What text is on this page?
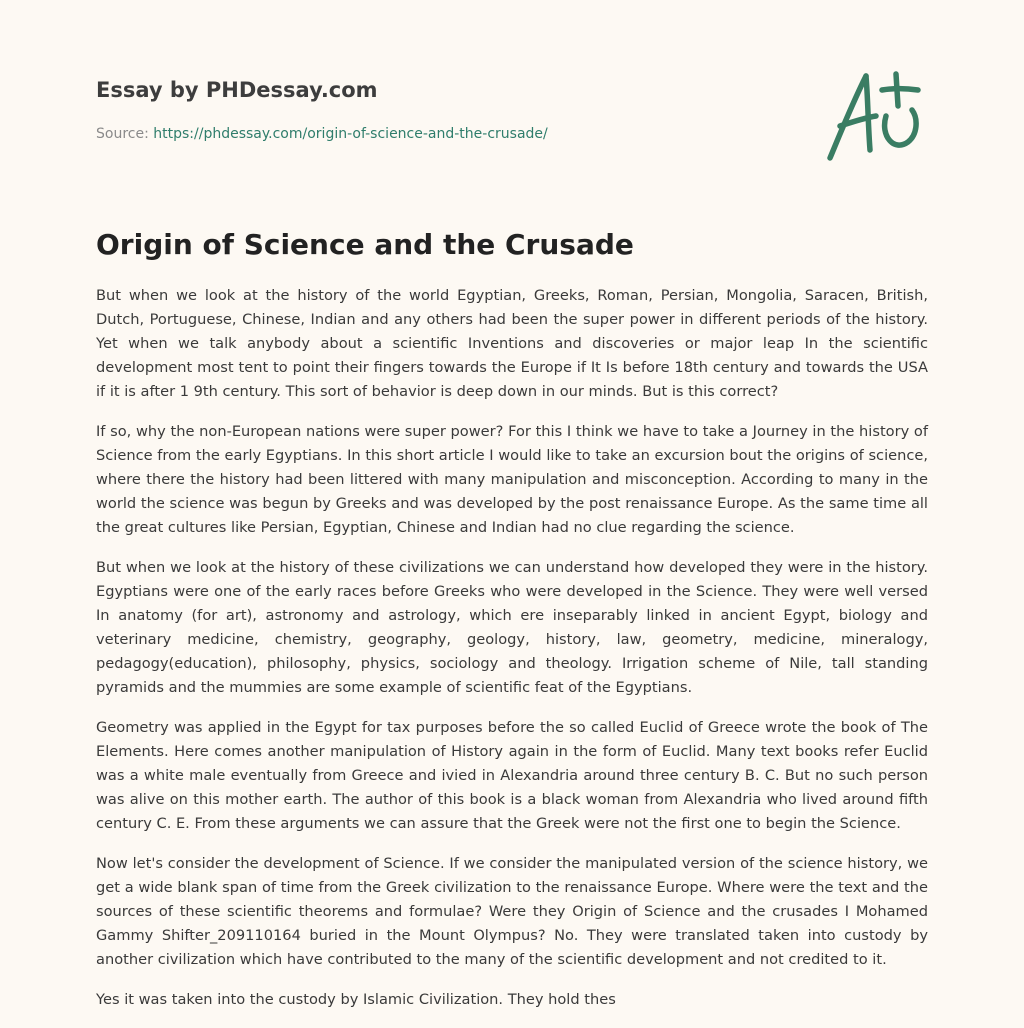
Essay by PHDessay.com

Source: https://phdessay.com/origin-of-science-and-the-crusade/
Origin of Science and the Crusade

But when we look at the history of the world Egyptian, Greeks, Roman, Persian, Mongolia, Saracen, British, Dutch, Portuguese, Chinese, Indian and any others had been the super power in different periods of the history. Yet when we talk anybody about a scientific Inventions and discoveries or major leap In the scientific development most tent to point their fingers towards the Europe if It Is before 18th century and towards the USA if it is after 1 9th century. This sort of behavior is deep down in our minds. But is this correct?

If so, why the non-European nations were super power? For this I think we have to take a Journey in the history of Science from the early Egyptians. In this short article I would like to take an excursion bout the origins of science, where there the history had been littered with many manipulation and misconception. According to many in the world the science was begun by Greeks and was developed by the post renaissance Europe. As the same time all the great cultures like Persian, Egyptian, Chinese and Indian had no clue regarding the science.

But when we look at the history of these civilizations we can understand how developed they were in the history. Egyptians were one of the early races before Greeks who were developed in the Science. They were well versed In anatomy (for art), astronomy and astrology, which ere inseparably linked in ancient Egypt, biology and veterinary medicine, chemistry, geography, geology, history, law, geometry, medicine, mineralogy, pedagogy(education), philosophy, physics, sociology and theology. Irrigation scheme of Nile, tall standing pyramids and the mummies are some example of scientific feat of the Egyptians.

Geometry was applied in the Egypt for tax purposes before the so called Euclid of Greece wrote the book of The Elements. Here comes another manipulation of History again in the form of Euclid. Many text books refer Euclid was a white male eventually from Greece and ivied in Alexandria around three century B. C. But no such person was alive on this mother earth. The author of this book is a black woman from Alexandria who lived around fifth century C. E. From these arguments we can assure that the Greek were not the first one to begin the Science.

Now let's consider the development of Science. If we consider the manipulated version of the science history, we get a wide blank span of time from the Greek civilization to the renaissance Europe. Where were the text and the sources of these scientific theorems and formulae? Were they Origin of Science and the crusades I Mohamed Gammy Shifter_209110164 buried in the Mount Olympus? No. They were translated taken into custody by another civilization which have contributed to the many of the scientific development and not credited to it.

Yes it was taken into the custody by Islamic Civilization. They hold thes
